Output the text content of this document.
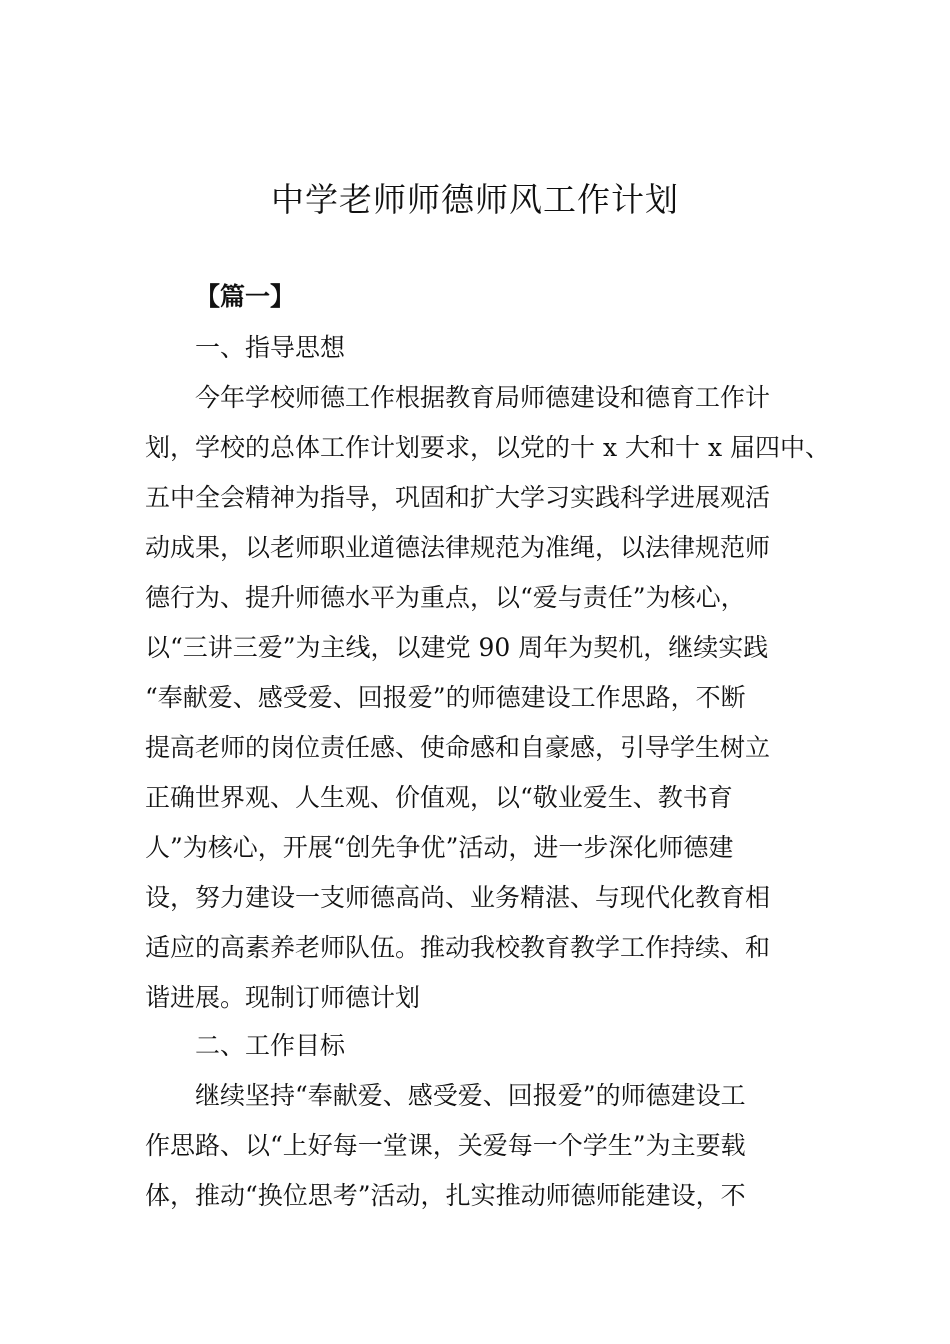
中学老师师德师风工作计划
【篇一】

一、指导思想

今年学校师德工作根据教育局师德建设和德育工作计

划，学校的总体工作计划要求，以党的十 x 大和十 x 届四中、

五中全会精神为指导，巩固和扩大学习实践科学进展观活

动成果，以老师职业道德法律规范为准绳，以法律规范师

德行为、提升师德水平为重点，以“爱与责任”为核心，

以“三讲三爱”为主线，以建党 90 周年为契机，继续实践

“奉献爱、感受爱、回报爱”的师德建设工作思路，不断

提高老师的岗位责任感、使命感和自豪感，引导学生树立

正确世界观、人生观、价值观，以“敬业爱生、教书育

人”为核心，开展“创先争优”活动，进一步深化师德建

设，努力建设一支师德高尚、业务精湛、与现代化教育相

适应的高素养老师队伍。推动我校教育教学工作持续、和

谐进展。现制订师德计划

二、工作目标

继续坚持“奉献爱、感受爱、回报爱”的师德建设工

作思路、以“上好每一堂课，关爱每一个学生”为主要载

体，推动“换位思考”活动，扎实推动师德师能建设，不
